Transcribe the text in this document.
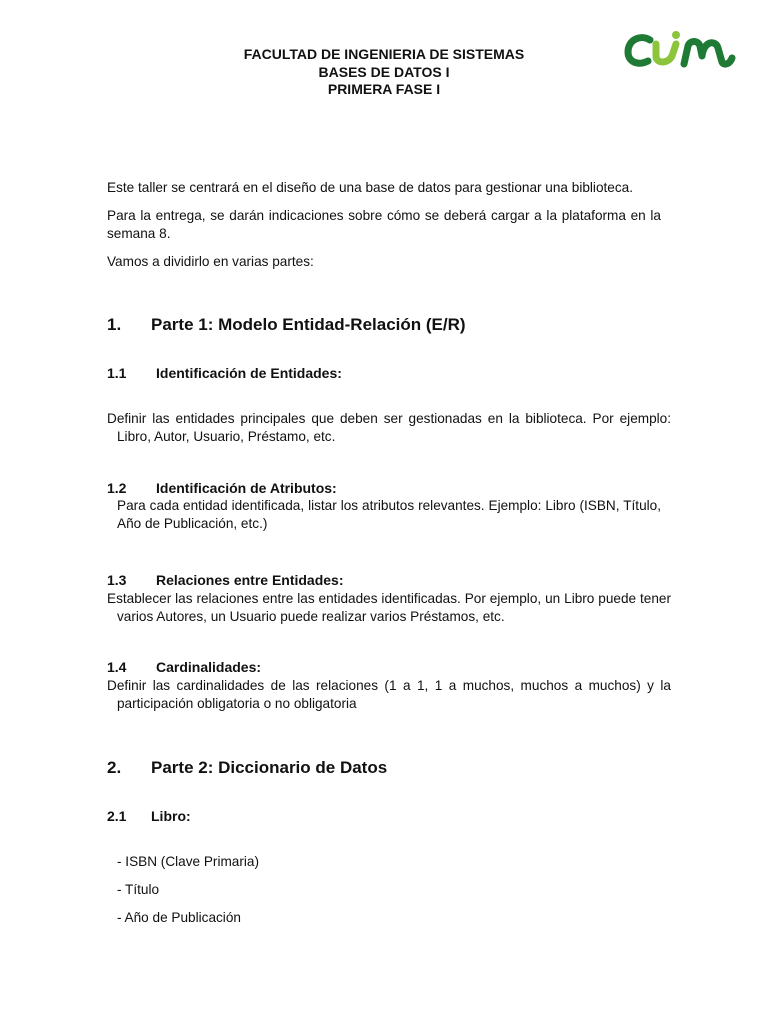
FACULTAD DE INGENIERIA DE SISTEMAS
BASES DE DATOS I
PRIMERA FASE I

Este taller se centrará en el diseño de una base de datos para gestionar una biblioteca.

Para la entrega, se darán indicaciones sobre cómo se deberá cargar a la plataforma en la semana 8.

Vamos a dividirlo en varias partes:

1. Parte 1: Modelo Entidad-Relación (E/R)
1.1 Identificación de Entidades:

Definir las entidades principales que deben ser gestionadas en la biblioteca. Por ejemplo: Libro, Autor, Usuario, Préstamo, etc.

1.2 Identificación de Atributos:

Para cada entidad identificada, listar los atributos relevantes. Ejemplo: Libro (ISBN, Título, Año de Publicación, etc.)

1.3 Relaciones entre Entidades:

Establecer las relaciones entre las entidades identificadas. Por ejemplo, un Libro puede tener varios Autores, un Usuario puede realizar varios Préstamos, etc.

1.4 Cardinalidades:

Definir las cardinalidades de las relaciones (1 a 1, 1 a muchos, muchos a muchos) y la participación obligatoria o no obligatoria

2. Parte 2: Diccionario de Datos
2.1 Libro:
- ISBN (Clave Primaria)
- Título
- Año de Publicación
